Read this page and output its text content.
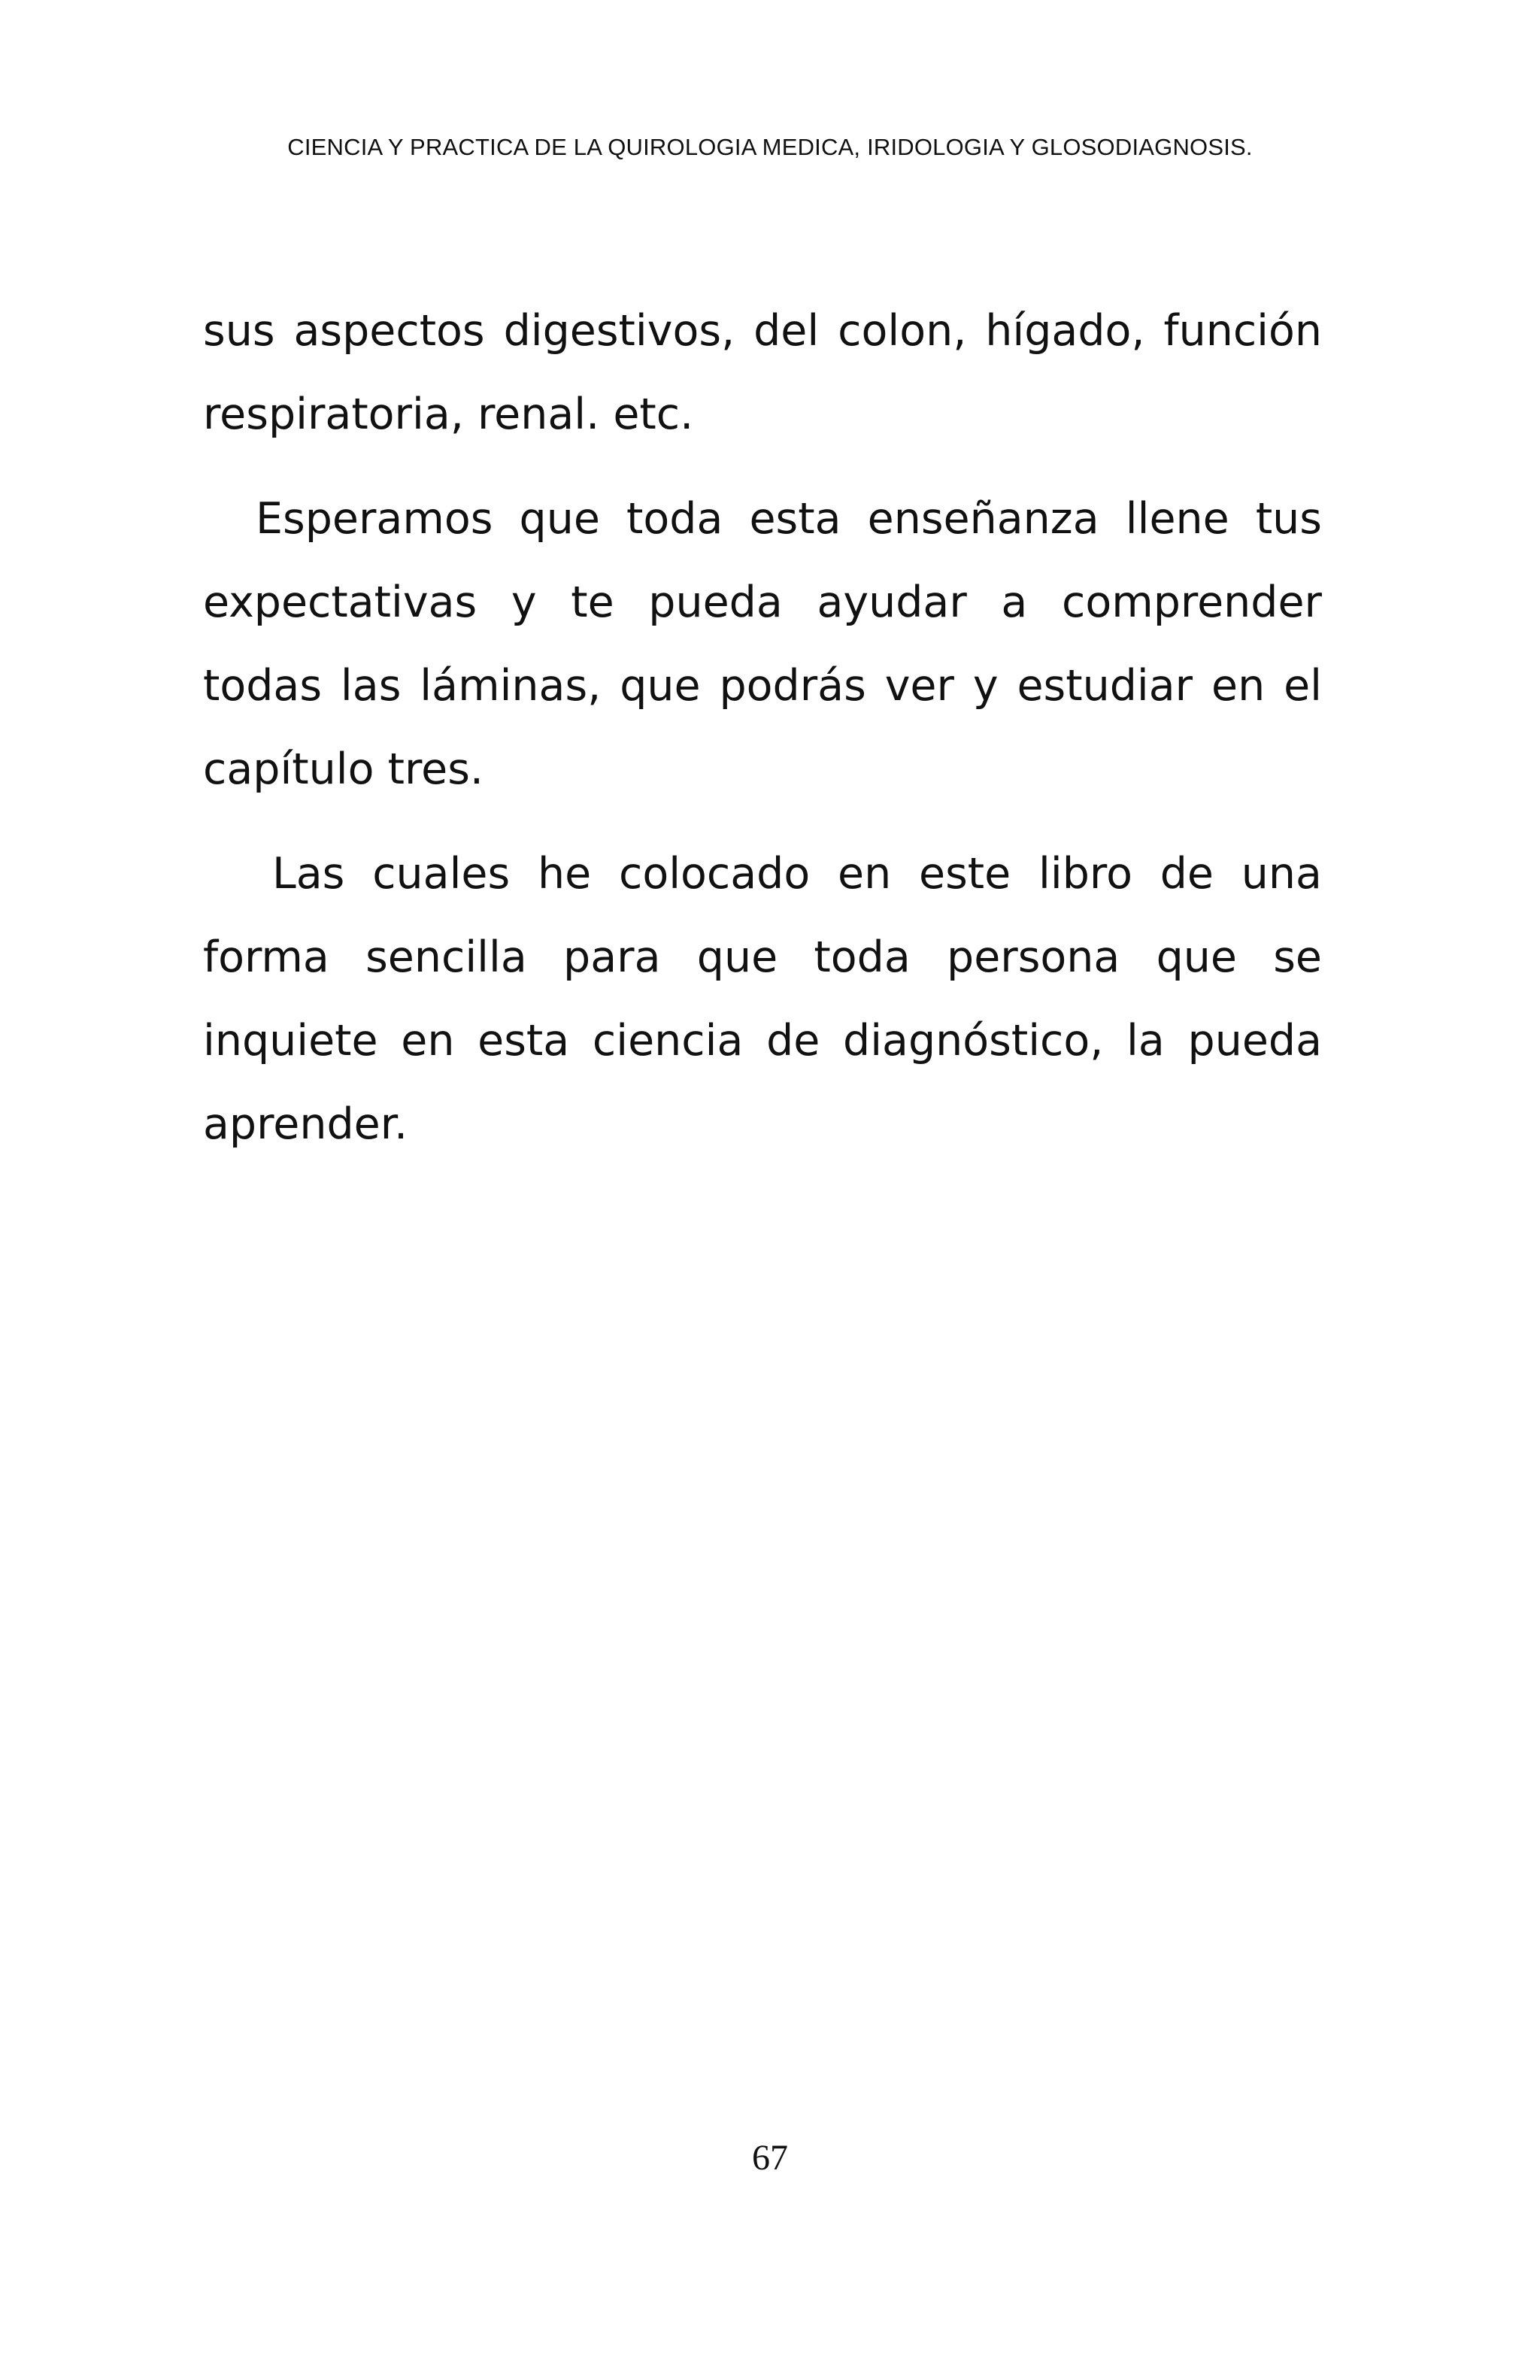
CIENCIA Y PRACTICA DE LA QUIROLOGIA MEDICA, IRIDOLOGIA Y GLOSODIAGNOSIS.

sus aspectos digestivos, del colon, hígado, función respiratoria, renal. etc.

Esperamos que toda esta enseñanza llene tus expectativas y te pueda ayudar a comprender todas las láminas, que podrás ver y estudiar en el capítulo tres.

Las cuales he colocado en este libro de una forma sencilla para que toda persona que se inquiete en esta ciencia de diagnóstico, la pueda aprender.

67
